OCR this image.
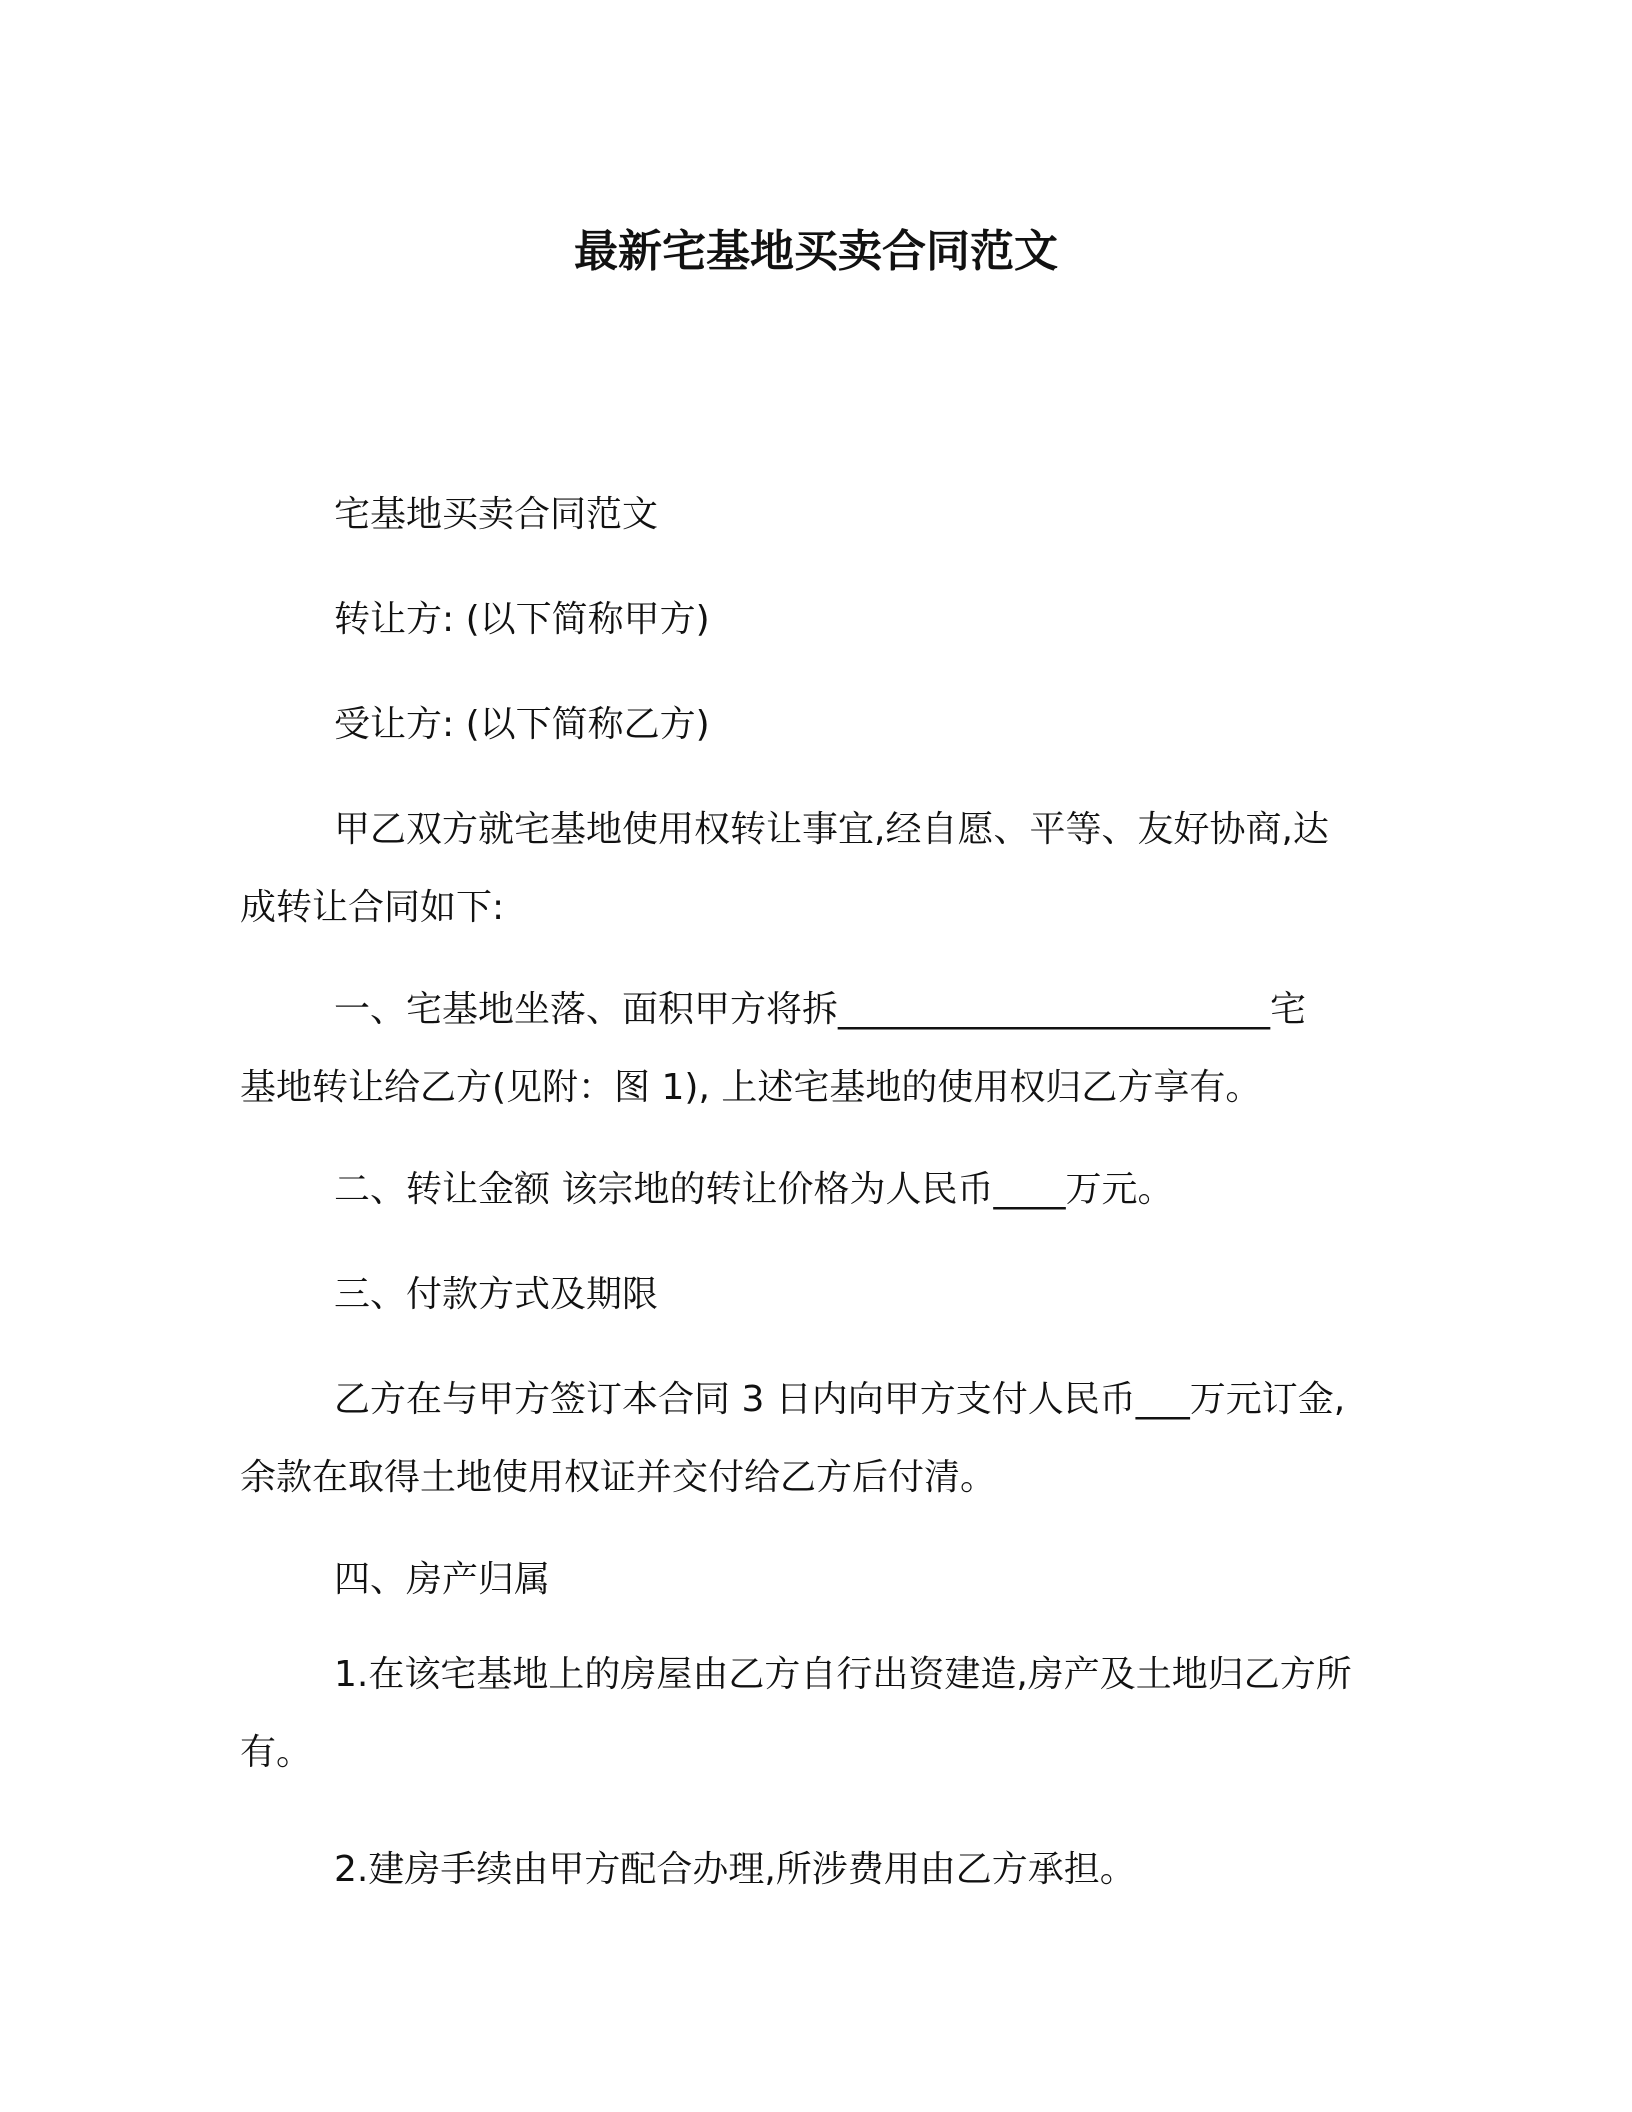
最新宅基地买卖合同范文
宅基地买卖合同范文
转让方: (以下简称甲方)
受让方: (以下简称乙方)
甲乙双方就宅基地使用权转让事宜,经自愿、平等、友好协商,达
成转让合同如下:
一、宅基地坐落、面积甲方将拆________________________宅
基地转让给乙方(见附：图 1), 上述宅基地的使用权归乙方享有。
二、转让金额 该宗地的转让价格为人民币____万元。
三、付款方式及期限
乙方在与甲方签订本合同 3 日内向甲方支付人民币___万元订金,
余款在取得土地使用权证并交付给乙方后付清。
四、房产归属
1.在该宅基地上的房屋由乙方自行出资建造,房产及土地归乙方所
有。
2.建房手续由甲方配合办理,所涉费用由乙方承担。
